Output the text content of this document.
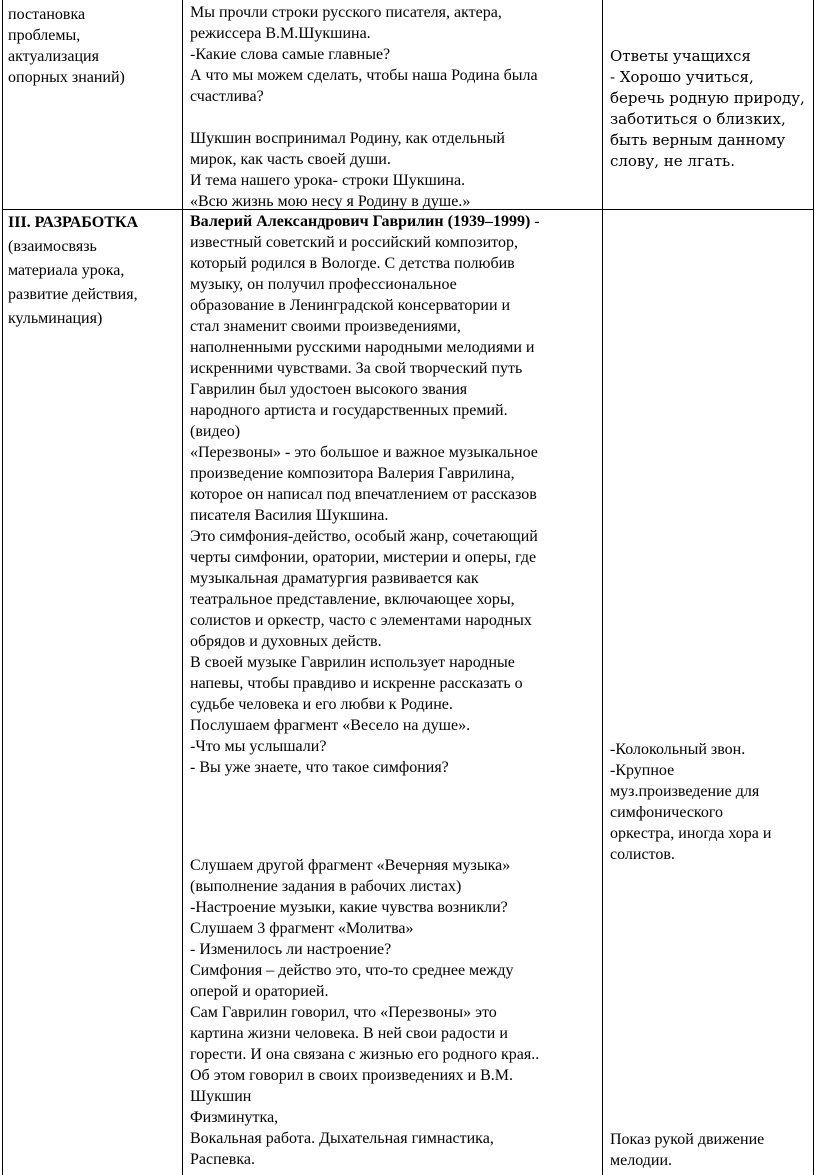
постановка

проблемы,

актуализация

опорных знаний)

Мы прочли строки русского писателя, актера,

режиссера В.М.Шукшина.

-Какие слова самые главные?

А что мы можем сделать, чтобы наша Родина была

счастлива?

Шукшин воспринимал Родину, как отдельный

мирок, как часть своей души.

И тема нашего урока- строки Шукшина.

«Всю жизнь мою несу я Родину в душе.»

Ответы учащихся

- Хорошо учиться,

беречь родную природу,

заботиться о близких,

быть верным данному

слову, не лгать.

III. РАЗРАБОТКА

(взаимосвязь

материала урока,

развитие действия,

кульминация)

Валерий Александрович Гаврилин (1939–1999) -

известный советский и российский композитор,

который родился в Вологде. С детства полюбив

музыку, он получил профессиональное

образование в Ленинградской консерватории и

стал знаменит своими произведениями,

наполненными русскими народными мелодиями и

искренними чувствами. За свой творческий путь

Гаврилин был удостоен высокого звания

народного артиста и государственных премий.

(видео)

«Перезвоны» - это большое и важное музыкальное

произведение композитора Валерия Гаврилина,

которое он написал под впечатлением от рассказов

писателя Василия Шукшина.

Это симфония-действо, особый жанр, сочетающий

черты симфонии, оратории, мистерии и оперы, где

музыкальная драматургия развивается как

театральное представление, включающее хоры,

солистов и оркестр, часто с элементами народных

обрядов и духовных действ.

В своей музыке Гаврилин использует народные

напевы, чтобы правдиво и искренне рассказать о

судьбе человека и его любви к Родине.

Послушаем фрагмент «Весело на душе».

-Что мы услышали?

- Вы уже знаете, что такое симфония?

Слушаем другой фрагмент «Вечерняя музыка»

(выполнение задания в рабочих листах)

-Настроение музыки, какие чувства возникли?

Слушаем 3 фрагмент «Молитва»

- Изменилось ли настроение?

Симфония – действо это, что-то среднее между

оперой и ораторией.

Сам Гаврилин говорил, что «Перезвоны» это

картина жизни человека. В ней свои радости и

горести. И она связана с жизнью его родного края..

Об этом говорил в своих произведениях и В.М.

Шукшин

Физминутка,

Вокальная работа. Дыхательная гимнастика,

Распевка.

-Колокольный звон.

-Крупное

муз.произведение для

симфонического

оркестра, иногда хора и

солистов.

Показ рукой движение

мелодии.
